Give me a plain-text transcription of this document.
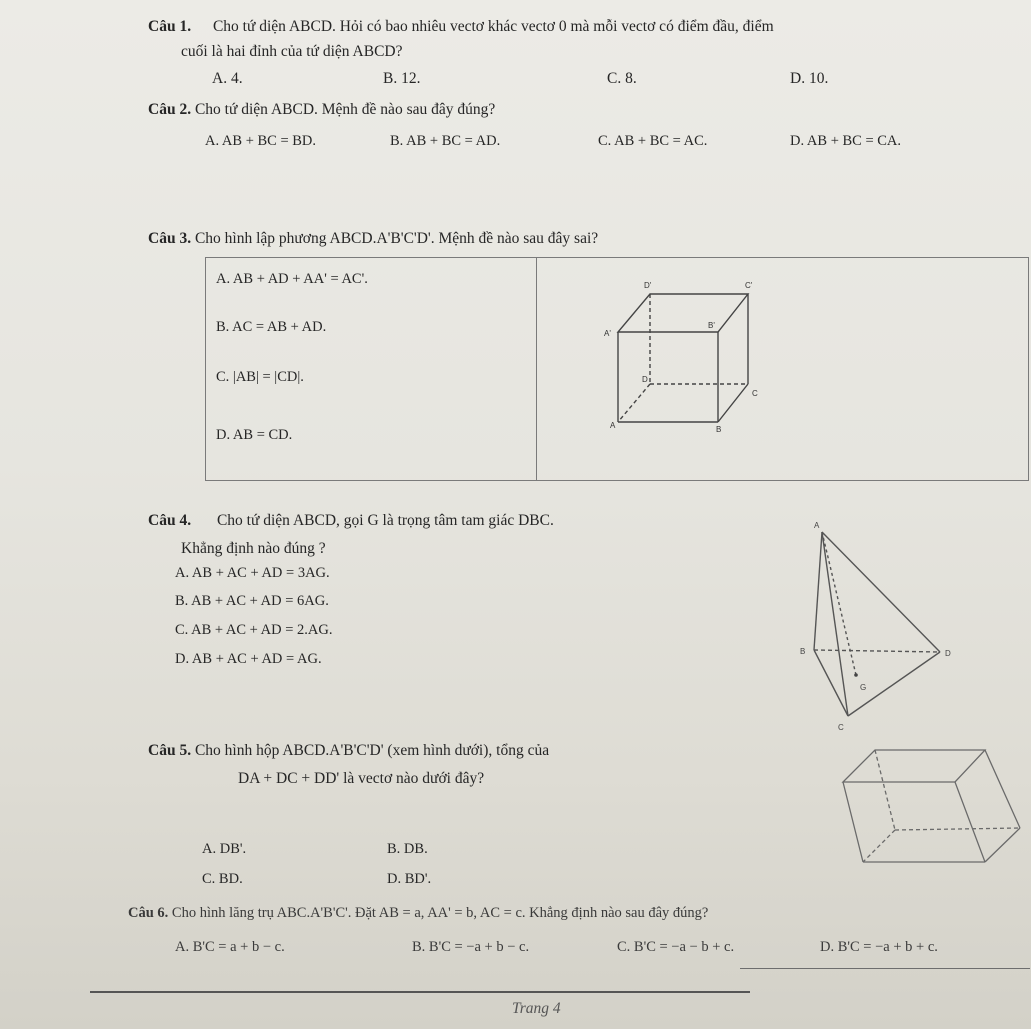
Câu 1. Cho tứ diện ABCD. Hỏi có bao nhiêu vectơ khác vectơ 0 mà mỗi vectơ có điểm đầu, điểm
cuối là hai đỉnh của tứ diện ABCD?
A. 4.	B. 12.	C. 8.	D. 10.
Câu 2. Cho tứ diện ABCD. Mệnh đề nào sau đây đúng?
A. AB + BC = BD.	B. AB + BC = AD.	C. AB + BC = AC.	D. AB + BC = CA.
Câu 3. Cho hình lập phương ABCD.A'B'C'D'. Mệnh đề nào sau đây sai?
A. AB + AD + AA' = AC'.
B. AC = AB + AD.
C. |AB| = |CD|.
D. AB = CD.
D'	C'
A'
B'
D
C
A	B
Câu 4. Cho tứ diện ABCD, gọi G là trọng tâm tam giác DBC.
Khẳng định nào đúng ?
A. AB + AC + AD = 3AG.
B. AB + AC + AD = 6AG.
C. AB + AC + AD = 2.AG.
D. AB + AC + AD = AG.
A
B	D
G
C
Câu 5. Cho hình hộp ABCD.A'B'C'D' (xem hình dưới), tổng của
DA + DC + DD' là vectơ nào dưới đây?
A. DB'.	B. DB.
C. BD.	D. BD'.
Câu 6. Cho hình lăng trụ ABC.A'B'C'. Đặt AB = a, AA' = b, AC = c. Khẳng định nào sau đây đúng?
A. B'C = a + b − c.	B. B'C = −a + b − c.	C. B'C = −a − b + c.	D. B'C = −a + b + c.
Trang 4
